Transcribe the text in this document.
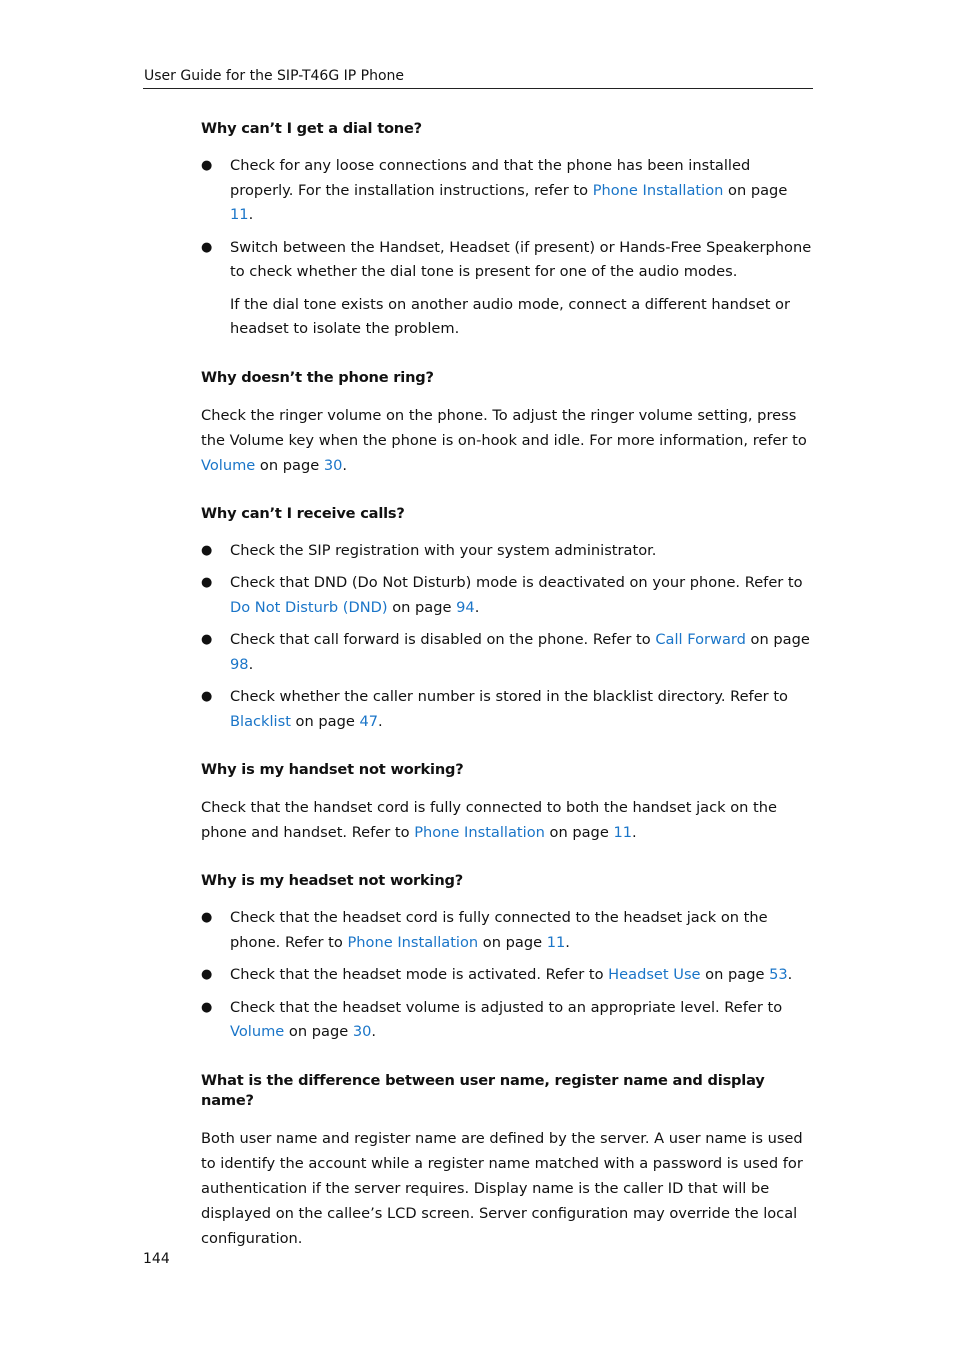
User Guide for the SIP-T46G IP Phone
Why can’t I get a dial tone?
● Check for any loose connections and that the phone has been installed properly. For the installation instructions, refer to Phone Installation on page 11.
● Switch between the Handset, Headset (if present) or Hands-Free Speakerphone to check whether the dial tone is present for one of the audio modes.

If the dial tone exists on another audio mode, connect a different handset or headset to isolate the problem.

Why doesn’t the phone ring?

Check the ringer volume on the phone. To adjust the ringer volume setting, press the Volume key when the phone is on-hook and idle. For more information, refer to Volume on page 30.

Why can’t I receive calls?
● Check the SIP registration with your system administrator.
● Check that DND (Do Not Disturb) mode is deactivated on your phone. Refer to Do Not Disturb (DND) on page 94.
● Check that call forward is disabled on the phone. Refer to Call Forward on page 98.
● Check whether the caller number is stored in the blacklist directory. Refer to Blacklist on page 47.
Why is my handset not working?

Check that the handset cord is fully connected to both the handset jack on the phone and handset. Refer to Phone Installation on page 11.

Why is my headset not working?
● Check that the headset cord is fully connected to the headset jack on the phone. Refer to Phone Installation on page 11.
● Check that the headset mode is activated. Refer to Headset Use on page 53.
● Check that the headset volume is adjusted to an appropriate level. Refer to Volume on page 30.
What is the difference between user name, register name and display name?

Both user name and register name are defined by the server. A user name is used to identify the account while a register name matched with a password is used for authentication if the server requires. Display name is the caller ID that will be displayed on the callee’s LCD screen. Server configuration may override the local configuration.

144
